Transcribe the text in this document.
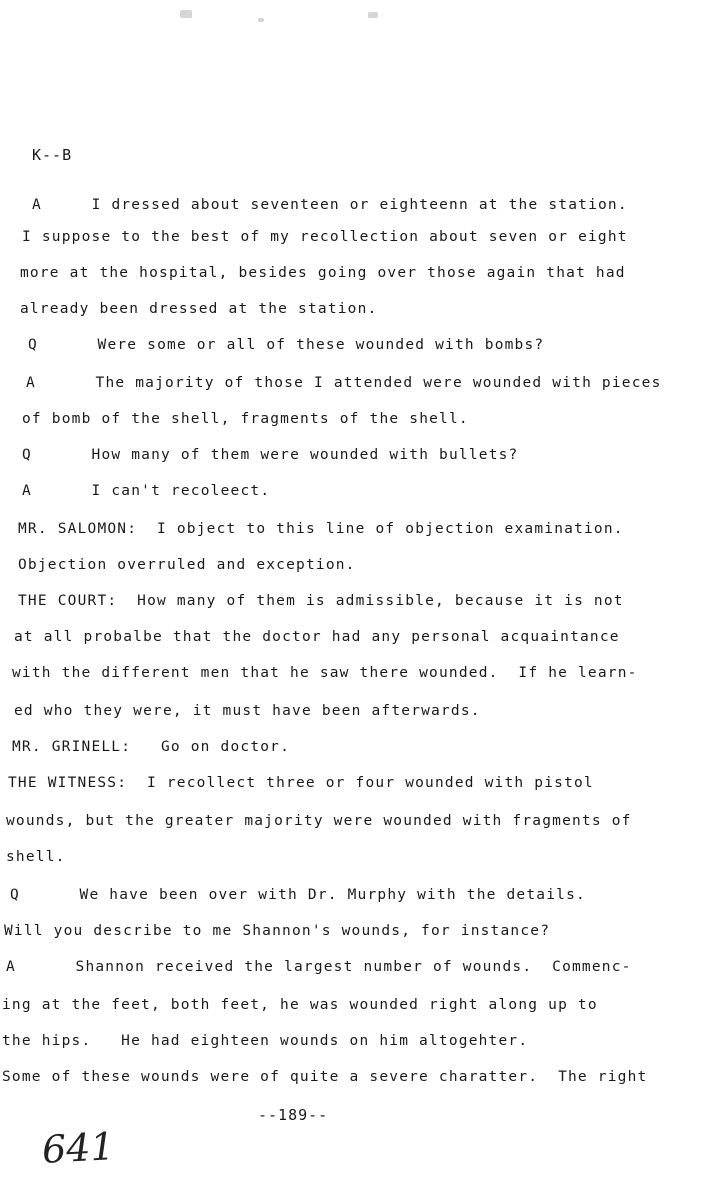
K--B
A     I dressed about seventeen or eighteenn at the station.
I suppose to the best of my recollection about seven or eight
more at the hospital, besides going over those again that had
already been dressed at the station.
Q      Were some or all of these wounded with bombs?
A      The majority of those I attended were wounded with pieces
of bomb of the shell, fragments of the shell.
Q      How many of them were wounded with bullets?
A      I can't recoleect.
MR. SALOMON:  I object to this line of objection examination.
Objection overruled and exception.
THE COURT:  How many of them is admissible, because it is not
at all probalbe that the doctor had any personal acquaintance
with the different men that he saw there wounded.  If he learn-
ed who they were, it must have been afterwards.
MR. GRINELL:   Go on doctor.
THE WITNESS:  I recollect three or four wounded with pistol
wounds, but the greater majority were wounded with fragments of
shell.
Q      We have been over with Dr. Murphy with the details.
Will you describe to me Shannon's wounds, for instance?
A      Shannon received the largest number of wounds.  Commenc-
ing at the feet, both feet, he was wounded right along up to
the hips.   He had eighteen wounds on him altogehter.
Some of these wounds were of quite a severe charatter.  The right
--189--
641
